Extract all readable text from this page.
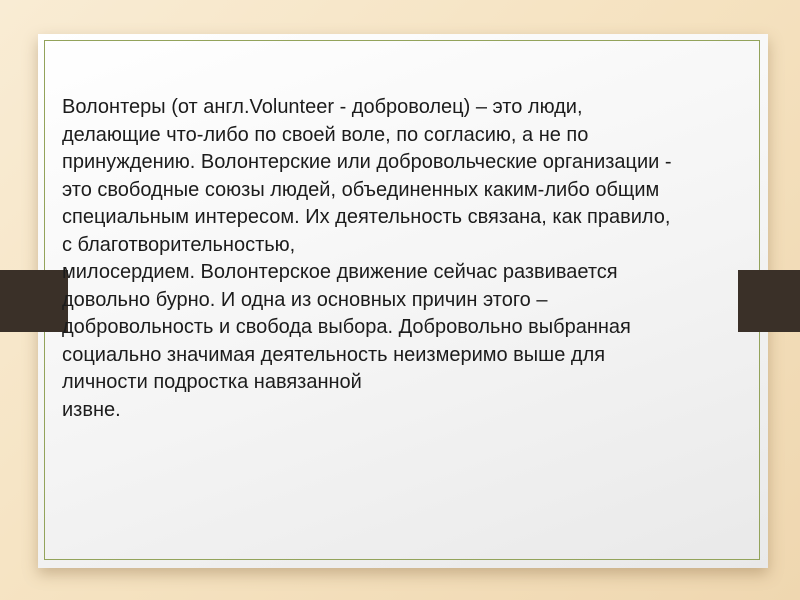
Волонтеры (от англ.Volunteer - доброволец) – это люди,
делающие что-либо по своей воле, по согласию, а не по
принуждению. Волонтерские или добровольческие организации -
это свободные союзы людей, объединенных каким-либо общим
специальным интересом. Их деятельность связана, как правило,
с благотворительностью,
милосердием. Волонтерское движение сейчас развивается
довольно бурно. И одна из основных причин этого –
добровольность и свобода выбора. Добровольно выбранная
социально значимая деятельность неизмеримо выше для
личности подростка навязанной
извне.
